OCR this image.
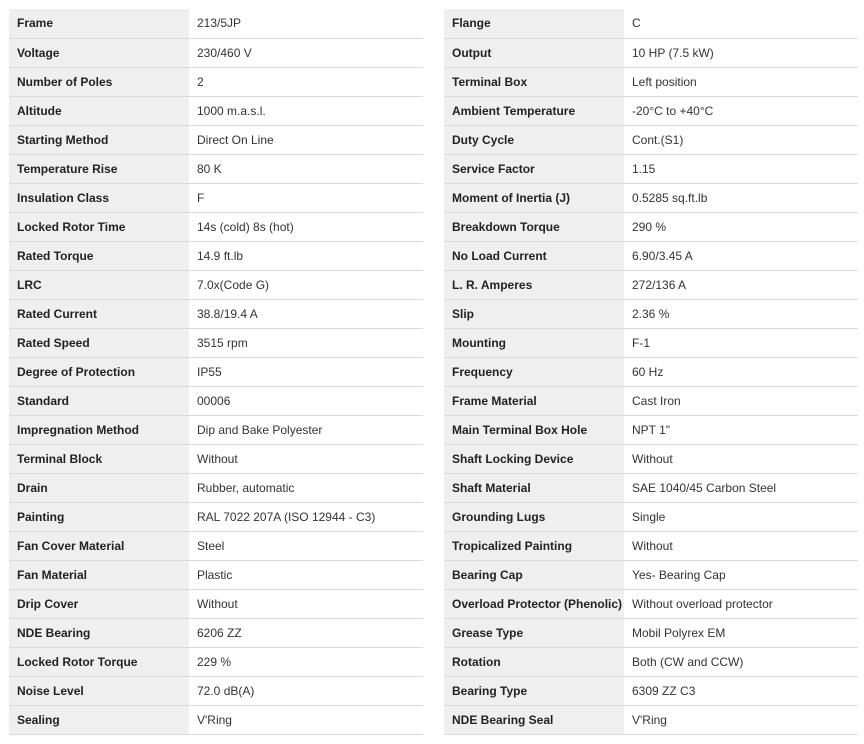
Frame	213/5JP
Voltage	230/460 V
Number of Poles	2
Altitude	1000 m.a.s.l.
Starting Method	Direct On Line
Temperature Rise	80 K
Insulation Class	F
Locked Rotor Time	14s (cold) 8s (hot)
Rated Torque	14.9 ft.lb
LRC	7.0x(Code G)
Rated Current	38.8/19.4 A
Rated Speed	3515 rpm
Degree of Protection	IP55
Standard	00006
Impregnation Method	Dip and Bake Polyester
Terminal Block	Without
Drain	Rubber, automatic
Painting	RAL 7022 207A (ISO 12944 - C3)
Fan Cover Material	Steel
Fan Material	Plastic
Drip Cover	Without
NDE Bearing	6206 ZZ
Locked Rotor Torque	229 %
Noise Level	72.0 dB(A)
Sealing	V'Ring
Flange	C
Output	10 HP (7.5 kW)
Terminal Box	Left position
Ambient Temperature	-20°C to +40°C
Duty Cycle	Cont.(S1)
Service Factor	1.15
Moment of Inertia (J)	0.5285 sq.ft.lb
Breakdown Torque	290 %
No Load Current	6.90/3.45 A
L. R. Amperes	272/136 A
Slip	2.36 %
Mounting	F-1
Frequency	60 Hz
Frame Material	Cast Iron
Main Terminal Box Hole	NPT 1"
Shaft Locking Device	Without
Shaft Material	SAE 1040/45 Carbon Steel
Grounding Lugs	Single
Tropicalized Painting	Without
Bearing Cap	Yes- Bearing Cap
Overload Protector (Phenolic)	Without overload protector
Grease Type	Mobil Polyrex EM
Rotation	Both (CW and CCW)
Bearing Type	6309 ZZ C3
NDE Bearing Seal	V'Ring
